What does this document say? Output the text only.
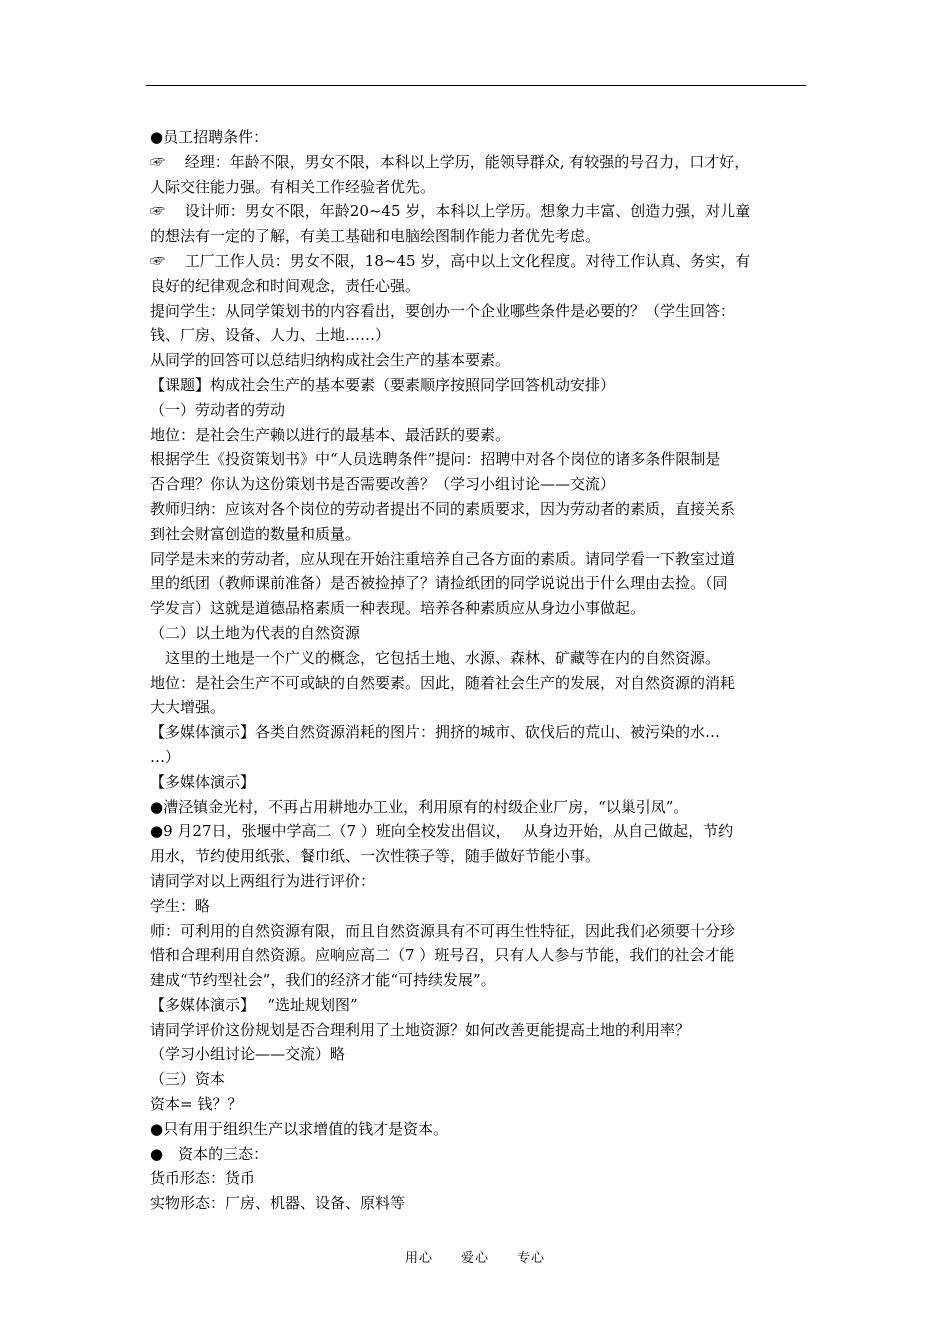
●员工招聘条件：
☞　 经理：年龄不限，男女不限，本科以上学历，能领导群众, 有较强的号召力，口才好，
人际交往能力强。有相关工作经验者优先。
☞　 设计师：男女不限，年龄20~45 岁，本科以上学历。想象力丰富、创造力强，对儿童
的想法有一定的了解，有美工基础和电脑绘图制作能力者优先考虑。
☞　 工厂工作人员：男女不限，18~45 岁，高中以上文化程度。对待工作认真、务实，有
良好的纪律观念和时间观念，责任心强。
提问学生：从同学策划书的内容看出，要创办一个企业哪些条件是必要的？（学生回答：
钱、厂房、设备、人力、土地……）
从同学的回答可以总结归纳构成社会生产的基本要素。
【课题】构成社会生产的基本要素（要素顺序按照同学回答机动安排）
（一）劳动者的劳动
地位：是社会生产赖以进行的最基本、最活跃的要素。
根据学生《投资策划书》中“人员选聘条件”提问：招聘中对各个岗位的诸多条件限制是
否合理？你认为这份策划书是否需要改善？（学习小组讨论——交流）
教师归纳：应该对各个岗位的劳动者提出不同的素质要求，因为劳动者的素质，直接关系
到社会财富创造的数量和质量。
同学是未来的劳动者，应从现在开始注重培养自己各方面的素质。请同学看一下教室过道
里的纸团（教师课前准备）是否被捡掉了？请捡纸团的同学说说出于什么理由去捡。（同
学发言）这就是道德品格素质一种表现。培养各种素质应从身边小事做起。
（二）以土地为代表的自然资源
　这里的土地是一个广义的概念，它包括土地、水源、森林、矿藏等在内的自然资源。
地位：是社会生产不可或缺的自然要素。因此，随着社会生产的发展，对自然资源的消耗
大大增强。
【多媒体演示】各类自然资源消耗的图片：拥挤的城市、砍伐后的荒山、被污染的水…
…）
【多媒体演示】
●漕泾镇金光村，不再占用耕地办工业，利用原有的村级企业厂房，“以巢引凤”。
●9 月27日，张堰中学高二（7 ）班向全校发出倡议，　 从身边开始，从自己做起，节约
用水，节约使用纸张、餐巾纸、一次性筷子等，随手做好节能小事。
请同学对以上两组行为进行评价：
学生：略
师：可利用的自然资源有限，而且自然资源具有不可再生性特征，因此我们必须要十分珍
惜和合理利用自然资源。应响应高二（7 ）班号召，只有人人参与节能，我们的社会才能
建成“节约型社会”，我们的经济才能“可持续发展”。
【多媒体演示】　 “选址规划图”
请同学评价这份规划是否合理利用了土地资源？如何改善更能提高土地的利用率？
（学习小组讨论——交流）略
（三）资本
资本= 钱？？
●只有用于组织生产以求增值的钱才是资本。
●　资本的三态：
货币形态：货币
实物形态：厂房、机器、设备、原料等
用心 爱心 专心
